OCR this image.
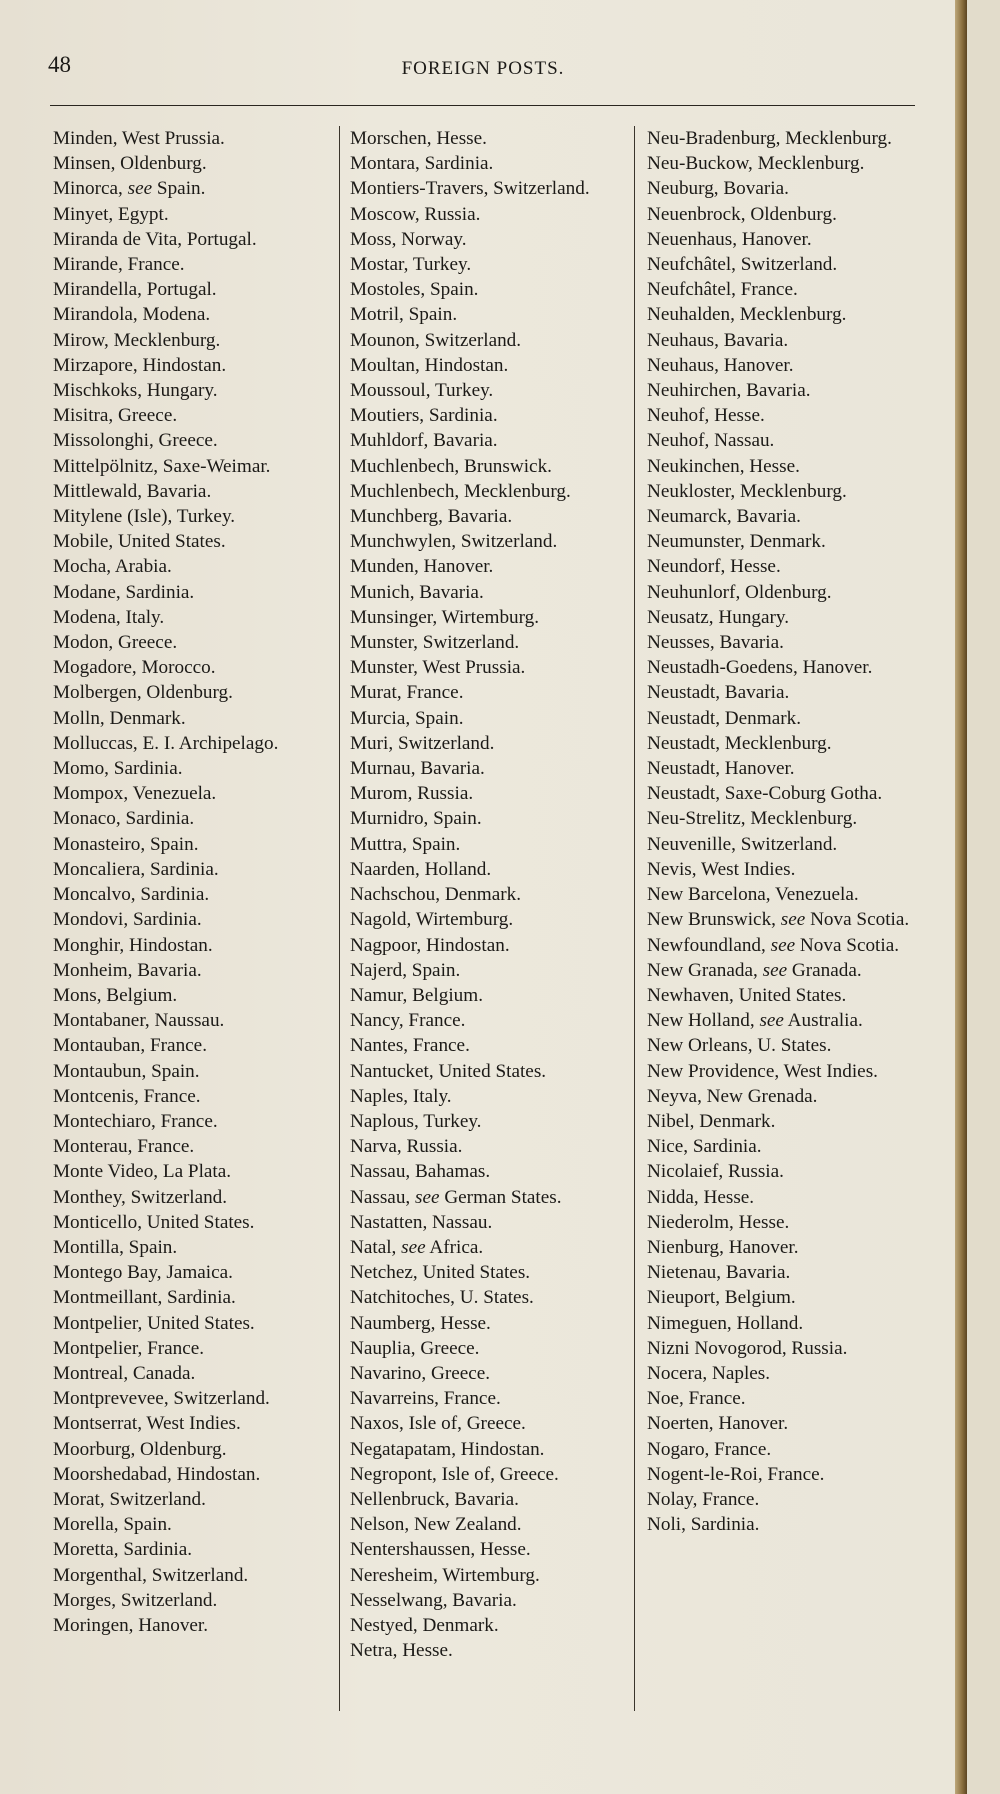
48	FOREIGN POSTS.
Minden, West Prussia.
Minsen, Oldenburg.
Minorca, see Spain.
Minyet, Egypt.
Miranda de Vita, Portugal.
Mirande, France.
Mirandella, Portugal.
Mirandola, Modena.
Mirow, Mecklenburg.
Mirzapore, Hindostan.
Mischkoks, Hungary.
Misitra, Greece.
Missolonghi, Greece.
Mittelpölnitz, Saxe-Weimar.
Mittlewald, Bavaria.
Mitylene (Isle), Turkey.
Mobile, United States.
Mocha, Arabia.
Modane, Sardinia.
Modena, Italy.
Modon, Greece.
Mogadore, Morocco.
Molbergen, Oldenburg.
Molln, Denmark.
Molluccas, E. I. Archipelago.
Momo, Sardinia.
Mompox, Venezuela.
Monaco, Sardinia.
Monasteiro, Spain.
Moncaliera, Sardinia.
Moncalvo, Sardinia.
Mondovi, Sardinia.
Monghir, Hindostan.
Monheim, Bavaria.
Mons, Belgium.
Montabaner, Naussau.
Montauban, France.
Montaubun, Spain.
Montcenis, France.
Montechiaro, France.
Monterau, France.
Monte Video, La Plata.
Monthey, Switzerland.
Monticello, United States.
Montilla, Spain.
Montego Bay, Jamaica.
Montmeillant, Sardinia.
Montpelier, United States.
Montpelier, France.
Montreal, Canada.
Montprevevee, Switzerland.
Montserrat, West Indies.
Moorburg, Oldenburg.
Moorshedabad, Hindostan.
Morat, Switzerland.
Morella, Spain.
Moretta, Sardinia.
Morgenthal, Switzerland.
Morges, Switzerland.
Moringen, Hanover.
Morschen, Hesse.
Montara, Sardinia.
Montiers-Travers, Switzerland.
Moscow, Russia.
Moss, Norway.
Mostar, Turkey.
Mostoles, Spain.
Motril, Spain.
Mounon, Switzerland.
Moultan, Hindostan.
Moussoul, Turkey.
Moutiers, Sardinia.
Muhldorf, Bavaria.
Muchlenbech, Brunswick.
Muchlenbech, Mecklenburg.
Munchberg, Bavaria.
Munchwylen, Switzerland.
Munden, Hanover.
Munich, Bavaria.
Munsinger, Wirtemburg.
Munster, Switzerland.
Munster, West Prussia.
Murat, France.
Murcia, Spain.
Muri, Switzerland.
Murnau, Bavaria.
Murom, Russia.
Murnidro, Spain.
Muttra, Spain.
Naarden, Holland.
Nachschou, Denmark.
Nagold, Wirtemburg.
Nagpoor, Hindostan.
Najerd, Spain.
Namur, Belgium.
Nancy, France.
Nantes, France.
Nantucket, United States.
Naples, Italy.
Naplous, Turkey.
Narva, Russia.
Nassau, Bahamas.
Nassau, see German States.
Nastatten, Nassau.
Natal, see Africa.
Netchez, United States.
Natchitoches, U. States.
Naumberg, Hesse.
Nauplia, Greece.
Navarino, Greece.
Navarreins, France.
Naxos, Isle of, Greece.
Negatapatam, Hindostan.
Negropont, Isle of, Greece.
Nellenbruck, Bavaria.
Nelson, New Zealand.
Nentershaussen, Hesse.
Neresheim, Wirtemburg.
Nesselwang, Bavaria.
Nestyed, Denmark.
Netra, Hesse.
Neu-Bradenburg, Mecklenburg.
Neu-Buckow, Mecklenburg.
Neuburg, Bovaria.
Neuenbrock, Oldenburg.
Neuenhaus, Hanover.
Neufchâtel, Switzerland.
Neufchâtel, France.
Neuhalden, Mecklenburg.
Neuhaus, Bavaria.
Neuhaus, Hanover.
Neuhirchen, Bavaria.
Neuhof, Hesse.
Neuhof, Nassau.
Neukinchen, Hesse.
Neukloster, Mecklenburg.
Neumarck, Bavaria.
Neumunster, Denmark.
Neundorf, Hesse.
Neuhunlorf, Oldenburg.
Neusatz, Hungary.
Neusses, Bavaria.
Neustadh-Goedens, Hanover.
Neustadt, Bavaria.
Neustadt, Denmark.
Neustadt, Mecklenburg.
Neustadt, Hanover.
Neustadt, Saxe-Coburg Gotha.
Neu-Strelitz, Mecklenburg.
Neuvenille, Switzerland.
Nevis, West Indies.
New Barcelona, Venezuela.
New Brunswick, see Nova Scotia.
Newfoundland, see Nova Scotia.
New Granada, see Granada.
Newhaven, United States.
New Holland, see Australia.
New Orleans, U. States.
New Providence, West Indies.
Neyva, New Grenada.
Nibel, Denmark.
Nice, Sardinia.
Nicolaief, Russia.
Nidda, Hesse.
Niederolm, Hesse.
Nienburg, Hanover.
Nietenau, Bavaria.
Nieuport, Belgium.
Nimeguen, Holland.
Nizni Novogorod, Russia.
Nocera, Naples.
Noe, France.
Noerten, Hanover.
Nogaro, France.
Nogent-le-Roi, France.
Nolay, France.
Noli, Sardinia.
